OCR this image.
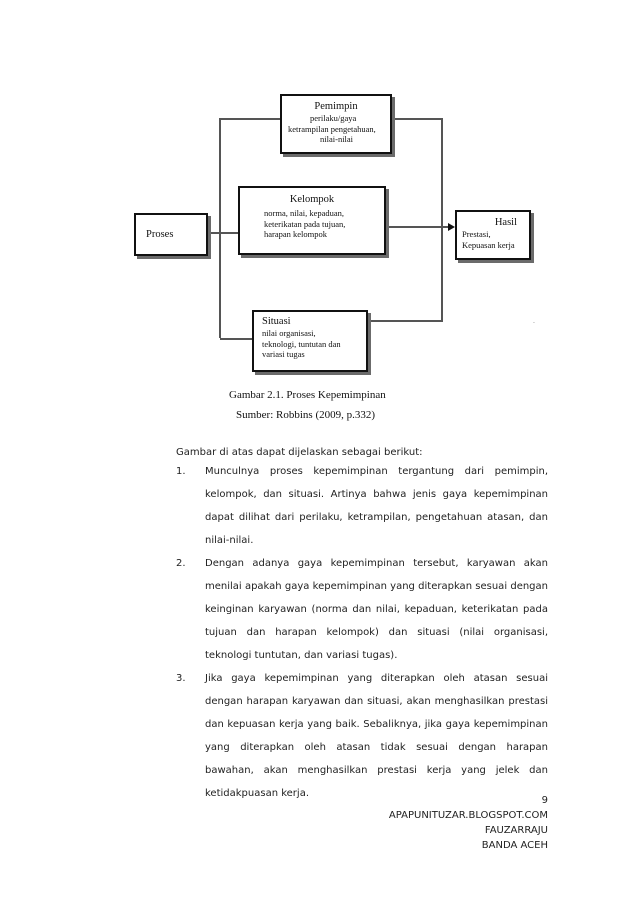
Proses
Pemimpin
perilaku/gaya
ketrampilan pengetahuan,
nilai-nilai
Kelompok
norma, nilai, kepaduan,
keterikatan pada tujuan,
harapan kelompok
Situasi
nilai organisasi,
teknologi, tuntutan dan
variasi tugas
Hasil
Prestasi,
Kepuasan kerja
.
Gambar 2.1. Proses Kepemimpinan
Sumber: Robbins (2009, p.332)
Gambar di atas dapat dijelaskan sebagai berikut:
1. Munculnya proses kepemimpinan tergantung dari pemimpin, kelompok, dan situasi. Artinya bahwa jenis gaya kepemimpinan dapat dilihat dari perilaku, ketrampilan, pengetahuan atasan, dan nilai-nilai.
2. Dengan adanya gaya kepemimpinan tersebut, karyawan akan menilai apakah gaya kepemimpinan yang diterapkan sesuai dengan keinginan karyawan (norma dan nilai, kepaduan, keterikatan pada tujuan dan harapan kelompok) dan situasi (nilai organisasi, teknologi tuntutan, dan variasi tugas).
3. Jika gaya kepemimpinan yang diterapkan oleh atasan sesuai dengan harapan karyawan dan situasi, akan menghasilkan prestasi dan kepuasan kerja yang baik. Sebaliknya, jika gaya kepemimpinan yang diterapkan oleh atasan tidak sesuai dengan harapan bawahan, akan menghasilkan prestasi kerja yang jelek dan ketidakpuasan kerja.
9
APAPUNITUZAR.BLOGSPOT.COM
FAUZARRAJU
BANDA ACEH
